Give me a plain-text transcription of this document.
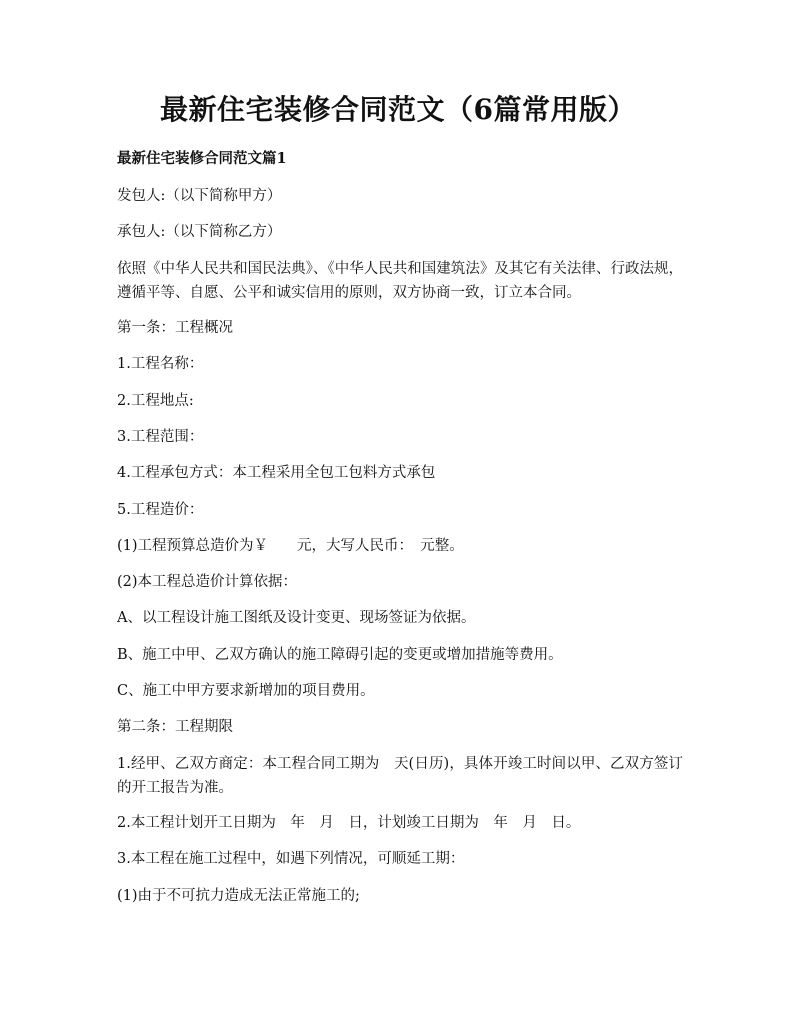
最新住宅装修合同范文（6篇常用版）

最新住宅装修合同范文篇1

发包人:（以下简称甲方）

承包人:（以下简称乙方）

依照《中华人民共和国民法典》、《中华人民共和国建筑法》及其它有关法律、行政法规，遵循平等、自愿、公平和诚实信用的原则，双方协商一致，订立本合同。

第一条：工程概况

1.工程名称：

2.工程地点:

3.工程范围：

4.工程承包方式：本工程采用全包工包料方式承包

5.工程造价：

(1)工程预算总造价为￥　　元，大写人民币：　元整。

(2)本工程总造价计算依据：

A、以工程设计施工图纸及设计变更、现场签证为依据。

B、施工中甲、乙双方确认的施工障碍引起的变更或增加措施等费用。

C、施工中甲方要求新增加的项目费用。

第二条：工程期限

1.经甲、乙双方商定：本工程合同工期为　天(日历)，具体开竣工时间以甲、乙双方签订的开工报告为准。

2.本工程计划开工日期为　年　月　日，计划竣工日期为　年　月　日。

3.本工程在施工过程中，如遇下列情况，可顺延工期：

(1)由于不可抗力造成无法正常施工的;
